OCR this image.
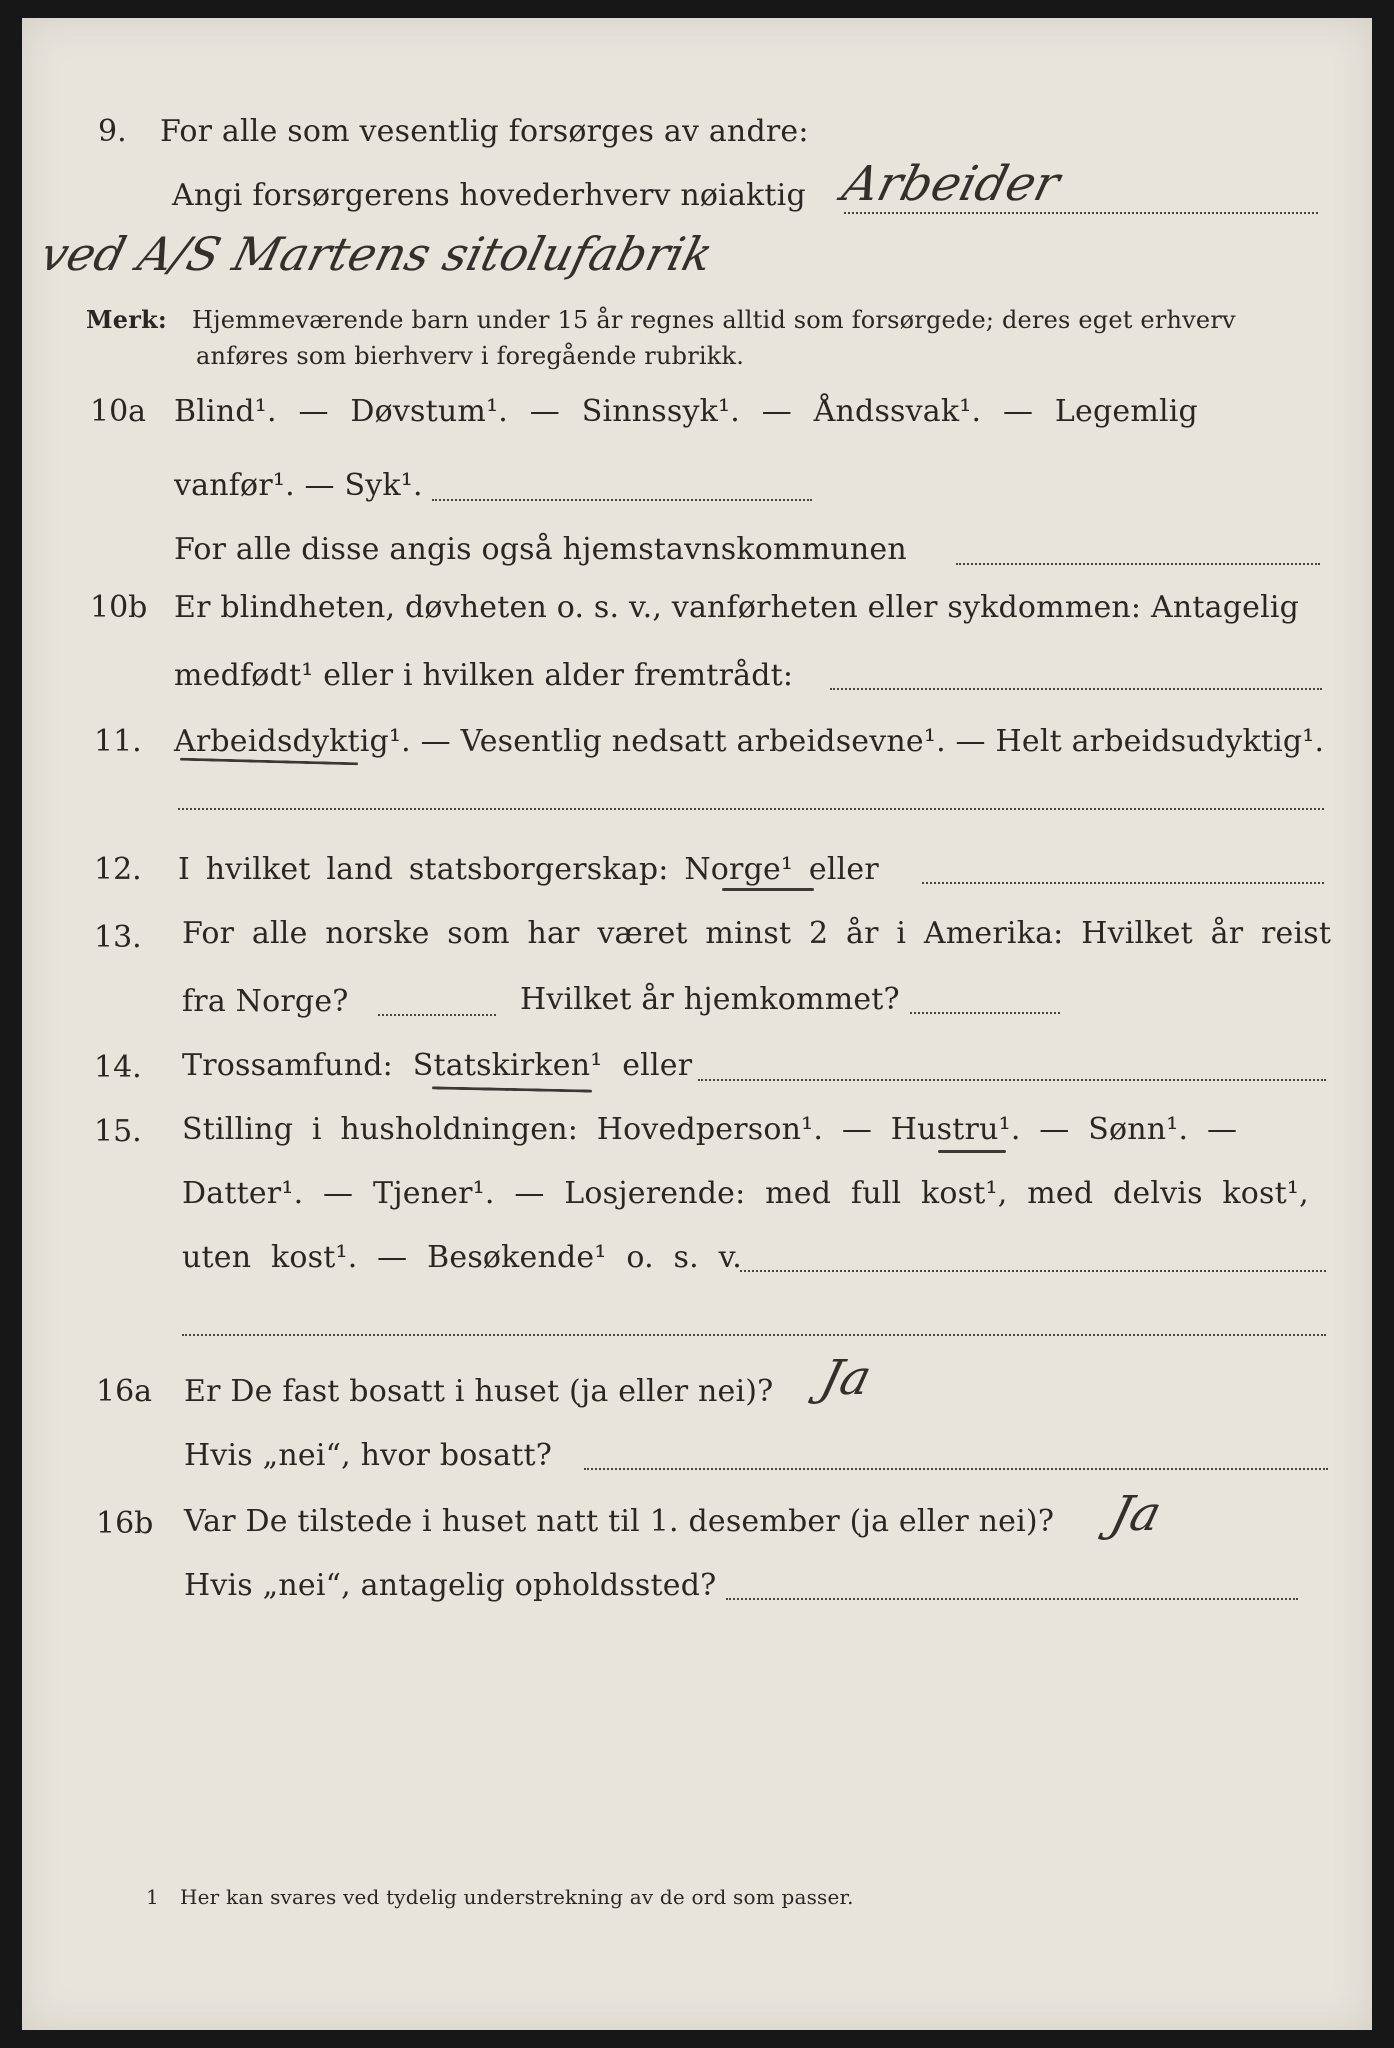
9. For alle som vesentlig forsørges av andre:
Angi forsørgerens hovederhverv nøiaktig Arbeider
ved A/S Martens sitolufabrik
Merk: Hjemmeværende barn under 15 år regnes alltid som forsørgede; deres eget erhverv
anføres som bierhverv i foregående rubrikk.
10a Blind¹. — Døvstum¹. — Sinnssyk¹. — Åndssvak¹. — Legemlig
vanfør¹. — Syk¹.
For alle disse angis også hjemstavnskommunen
10b Er blindheten, døvheten o. s. v., vanførheten eller sykdommen: Antagelig
medfødt¹ eller i hvilken alder fremtrådt:
11. Arbeidsdyktig¹. — Vesentlig nedsatt arbeidsevne¹. — Helt arbeidsudyktig¹.
12. I hvilket land statsborgerskap: Norge¹ eller
13. For alle norske som har været minst 2 år i Amerika: Hvilket år reist
fra Norge?	Hvilket år hjemkommet?
14. Trossamfund: Statskirken¹ eller
15. Stilling i husholdningen: Hovedperson¹. — Hustru¹. — Sønn¹. —
Datter¹. — Tjener¹. — Losjerende: med full kost¹, med delvis kost¹,
uten kost¹. — Besøkende¹ o. s. v.
16a Er De fast bosatt i huset (ja eller nei)? Ja
Hvis „nei“, hvor bosatt?
16b Var De tilstede i huset natt til 1. desember (ja eller nei)? Ja
Hvis „nei“, antagelig opholdssted?
1 Her kan svares ved tydelig understrekning av de ord som passer.
